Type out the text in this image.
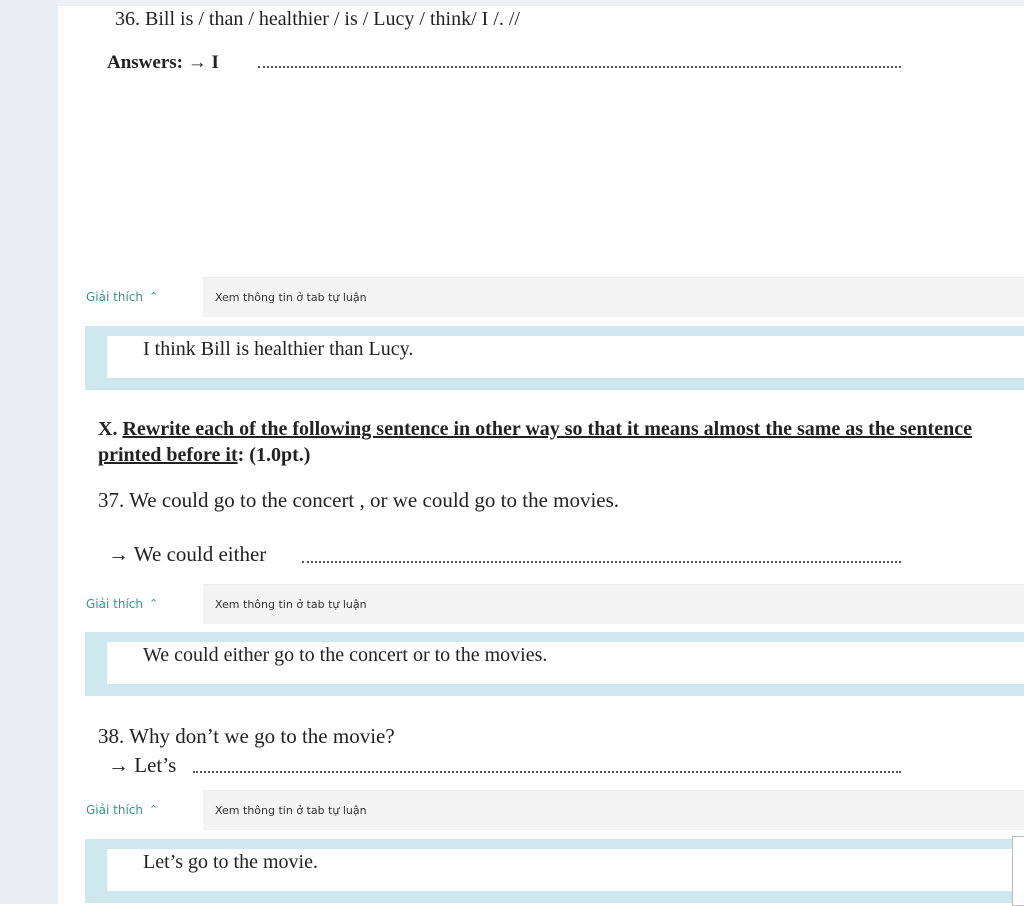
36. Bill is / than / healthier / is / Lucy / think/ I /. //
Answers: → I
Giải thích ⌃	Xem thông tin ở tab tự luận
I think Bill is healthier than Lucy.
X. Rewrite each of the following sentence in other way so that it means almost the same as the sentence printed before it: (1.0pt.)
37. We could go to the concert , or we could go to the movies.
→ We could either
Giải thích ⌃	Xem thông tin ở tab tự luận
We could either go to the concert or to the movies.
38. Why don’t we go to the movie?
→ Let’s
Giải thích ⌃	Xem thông tin ở tab tự luận
Let’s go to the movie.
